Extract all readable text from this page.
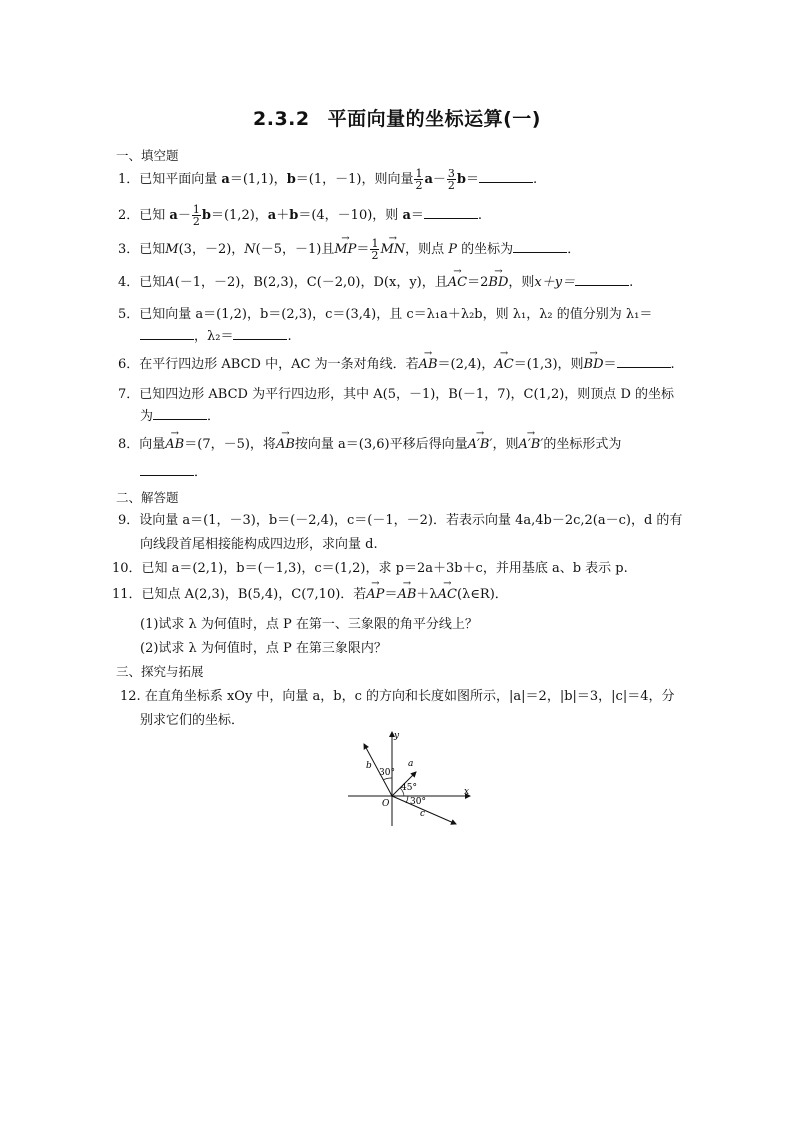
2.3.2 平面向量的坐标运算(一)
一、填空题
1．已知平面向量 a＝(1,1)，b＝(1，－1)，则向量 $\frac{1}{2} a- \frac{3}{2} b=$	.
2．已知 $a- \frac{1}{2} b=(1,2)$，a＋b＝(4，－10)，则 a＝	.
3．已知M(3，－2)，N(－5，－1)且→ $MP= \frac{1}{2}$
→ MN，则点 P 的坐标为	．
4．已知A(－1，－2)，B(2,3)，C(－2,0)，D(x，y)，且→ AC＝2→ BD，则x＋y＝	.
5．已知向量 a＝(1,2)，b＝(2,3)，c＝(3,4)，且 c＝λ₁a＋λ₂b，则 λ₁，λ₂ 的值分别为 λ₁＝
，λ₂＝	.
6．在平行四边形 ABCD 中，AC 为一条对角线．若→ AB＝(2,4)，→ AC＝(1,3)，则→ BD＝	.
7．已知四边形 ABCD 为平行四边形，其中 A(5，－1)，B(－1，7)，C(1,2)，则顶点 D 的坐标
为	．
8．向量→ AB＝(7，－5)，将→ AB按向量 a＝(3,6)平移后得向量→ A′B′，则→ A′B′的坐标形式为
．
二、解答题
9．设向量 a＝(1，－3)，b＝(－2,4)，c＝(－1，－2)．若表示向量 4a,4b－2c,2(a－c)，d 的有
向线段首尾相接能构成四边形，求向量 d.
10．已知 a＝(2,1)，b＝(－1,3)，c＝(1,2)，求 p＝2a＋3b＋c，并用基底 a、b 表示 p.
11．已知点 A(2,3)，B(5,4)，C(7,10)．若→ AP＝→ AB＋λ→ AC(λ∈R)．
(1)试求 λ 为何值时，点 P 在第一、三象限的角平分线上？
(2)试求 λ 为何值时，点 P 在第三象限内？
三、探究与拓展
12. 在直角坐标系 xOy 中，向量 a，b，c 的方向和长度如图所示，|a|＝2，|b|＝3，|c|＝4，分
别求它们的坐标．
y
x
O
a
b
c
30°
45°
30°
